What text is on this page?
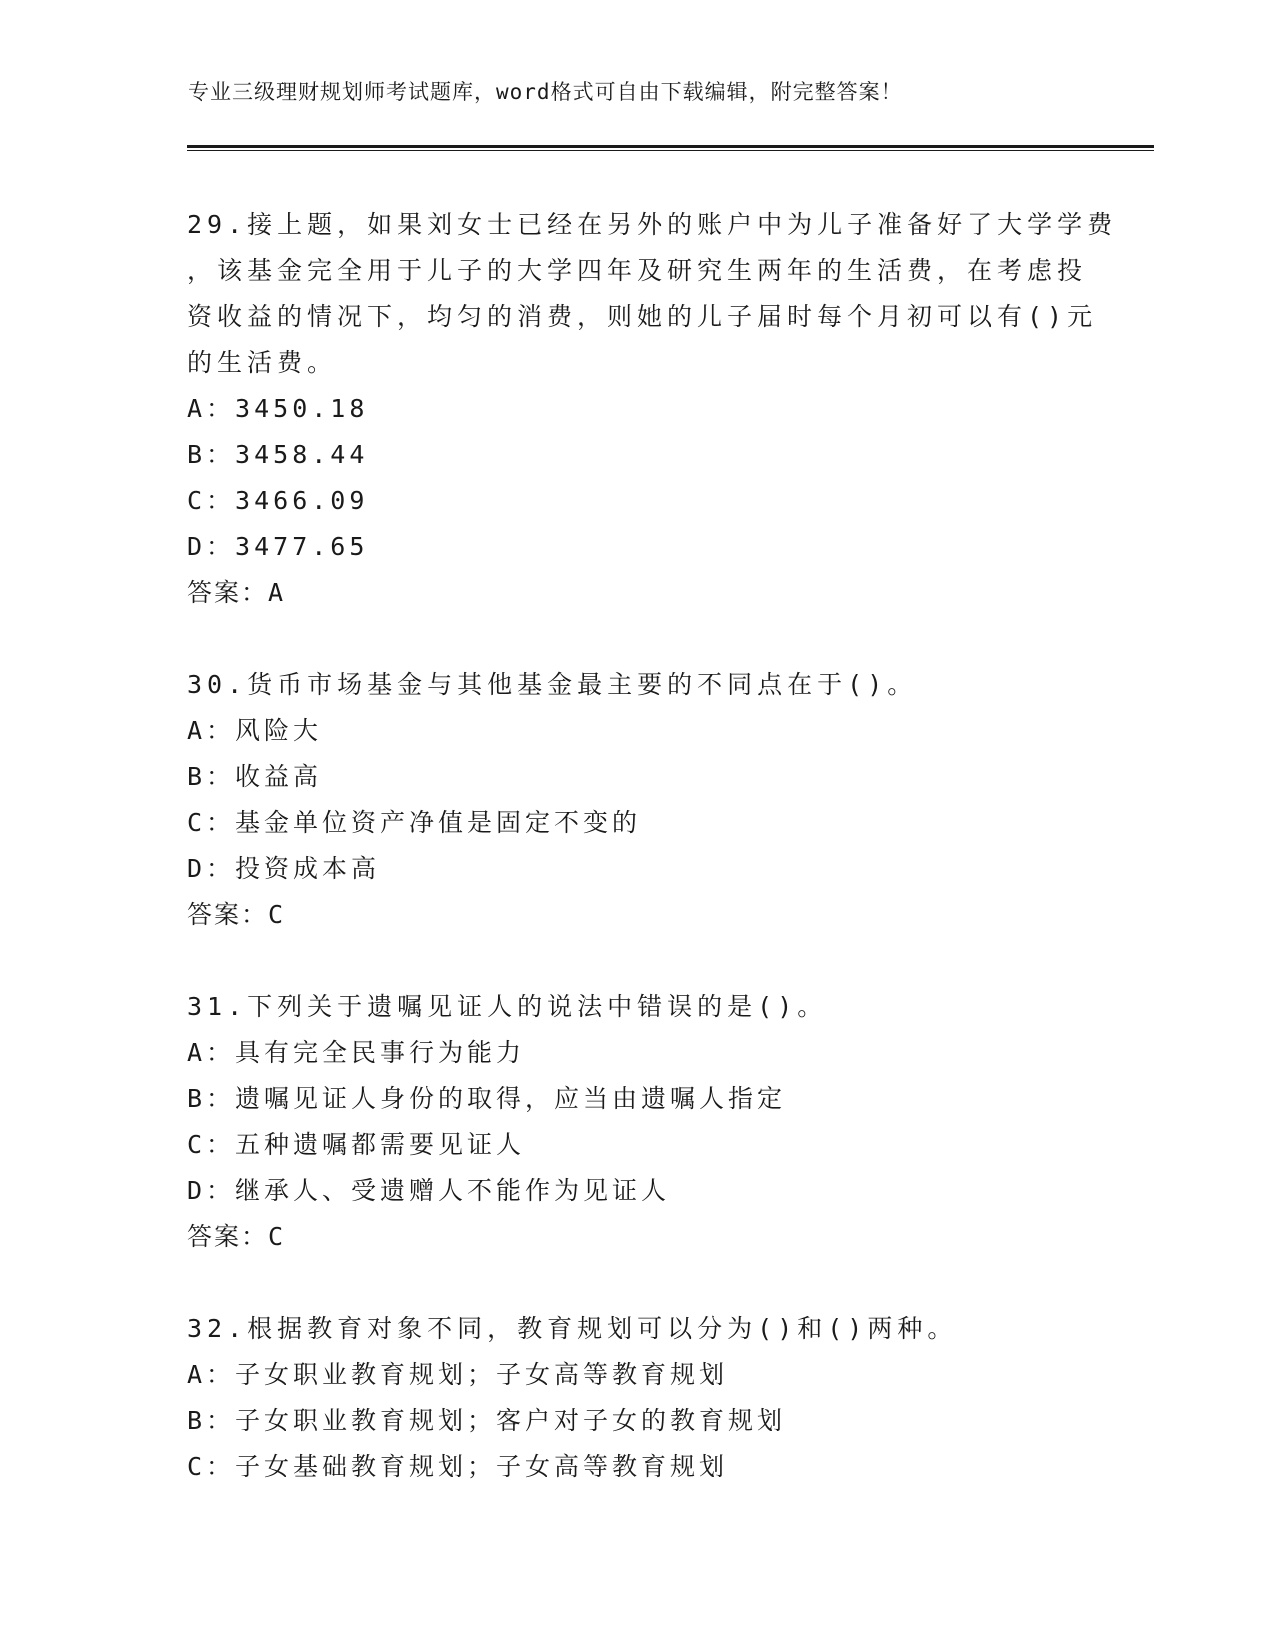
专业三级理财规划师考试题库，word格式可自由下载编辑，附完整答案！
29.接上题，如果刘女士已经在另外的账户中为儿子准备好了大学学费
，该基金完全用于儿子的大学四年及研究生两年的生活费，在考虑投
资收益的情况下，均匀的消费，则她的儿子届时每个月初可以有()元
的生活费。
A：3450.18
B：3458.44
C：3466.09
D：3477.65
答案：A
30.货币市场基金与其他基金最主要的不同点在于()。
A：风险大
B：收益高
C：基金单位资产净值是固定不变的
D：投资成本高
答案：C
31.下列关于遗嘱见证人的说法中错误的是()。
A：具有完全民事行为能力
B：遗嘱见证人身份的取得，应当由遗嘱人指定
C：五种遗嘱都需要见证人
D：继承人、受遗赠人不能作为见证人
答案：C
32.根据教育对象不同，教育规划可以分为()和()两种。
A：子女职业教育规划；子女高等教育规划
B：子女职业教育规划；客户对子女的教育规划
C：子女基础教育规划；子女高等教育规划
